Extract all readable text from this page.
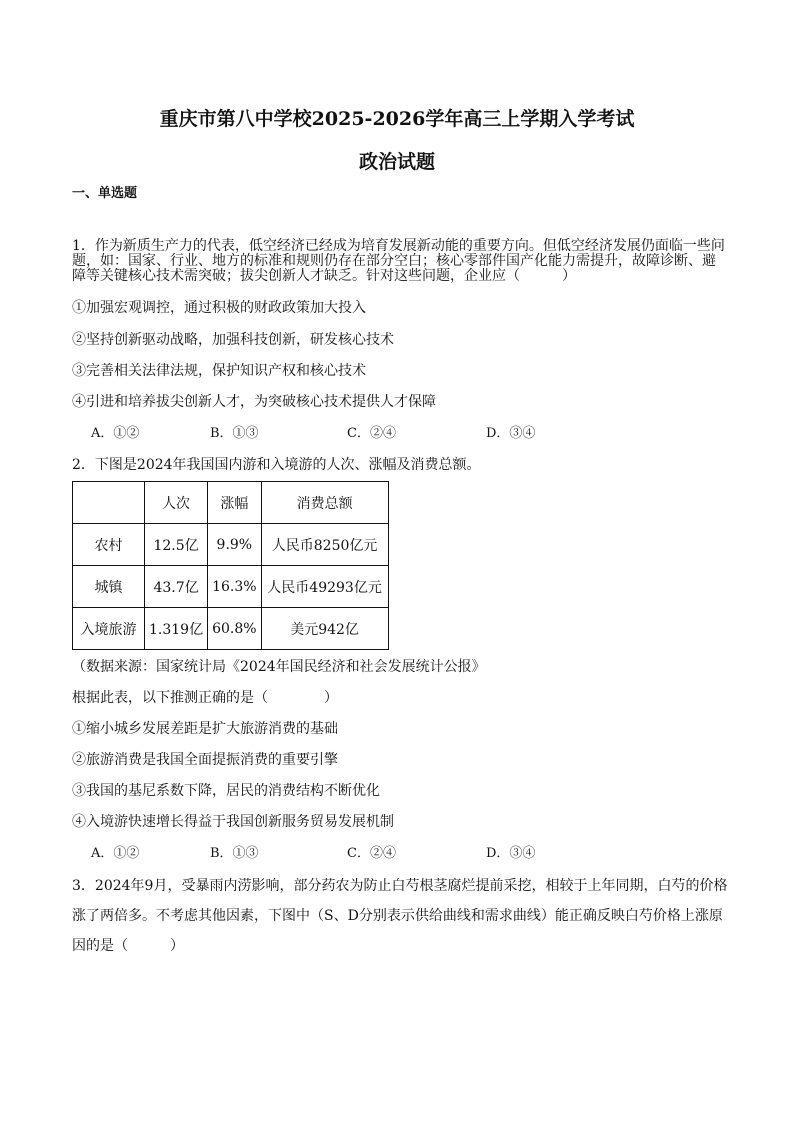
重庆市第八中学校2025-2026学年高三上学期入学考试
政治试题
一、单选题
1．作为新质生产力的代表，低空经济已经成为培育发展新动能的重要方向。但低空经济发展仍面临一些问
题，如：国家、行业、地方的标准和规则仍存在部分空白；核心零部件国产化能力需提升，故障诊断、避
障等关键核心技术需突破；拔尖创新人才缺乏。针对这些问题，企业应（　　　）
①加强宏观调控，通过积极的财政政策加大投入
②坚持创新驱动战略，加强科技创新，研发核心技术
③完善相关法律法规，保护知识产权和核心技术
④引进和培养拔尖创新人才，为突破核心技术提供人才保障
A．①②	B．①③	C．②④	D．③④
2．下图是2024年我国国内游和入境游的人次、涨幅及消费总额。
	人次	涨幅	消费总额
农村	12.5亿	9.9%	人民币8250亿元
城镇	43.7亿	16.3%	人民币49293亿元
入境旅游	1.319亿	60.8%	美元942亿
（数据来源：国家统计局《2024年国民经济和社会发展统计公报》
根据此表，以下推测正确的是（　　　　）
①缩小城乡发展差距是扩大旅游消费的基础
②旅游消费是我国全面提振消费的重要引擎
③我国的基尼系数下降，居民的消费结构不断优化
④入境游快速增长得益于我国创新服务贸易发展机制
A．①②	B．①③	C．②④	D．③④
3．2024年9月，受暴雨内涝影响，部分药农为防止白芍根茎腐烂提前采挖，相较于上年同期，白芍的价格
涨了两倍多。不考虑其他因素，下图中（S、D分别表示供给曲线和需求曲线）能正确反映白芍价格上涨原
因的是（　　　）
